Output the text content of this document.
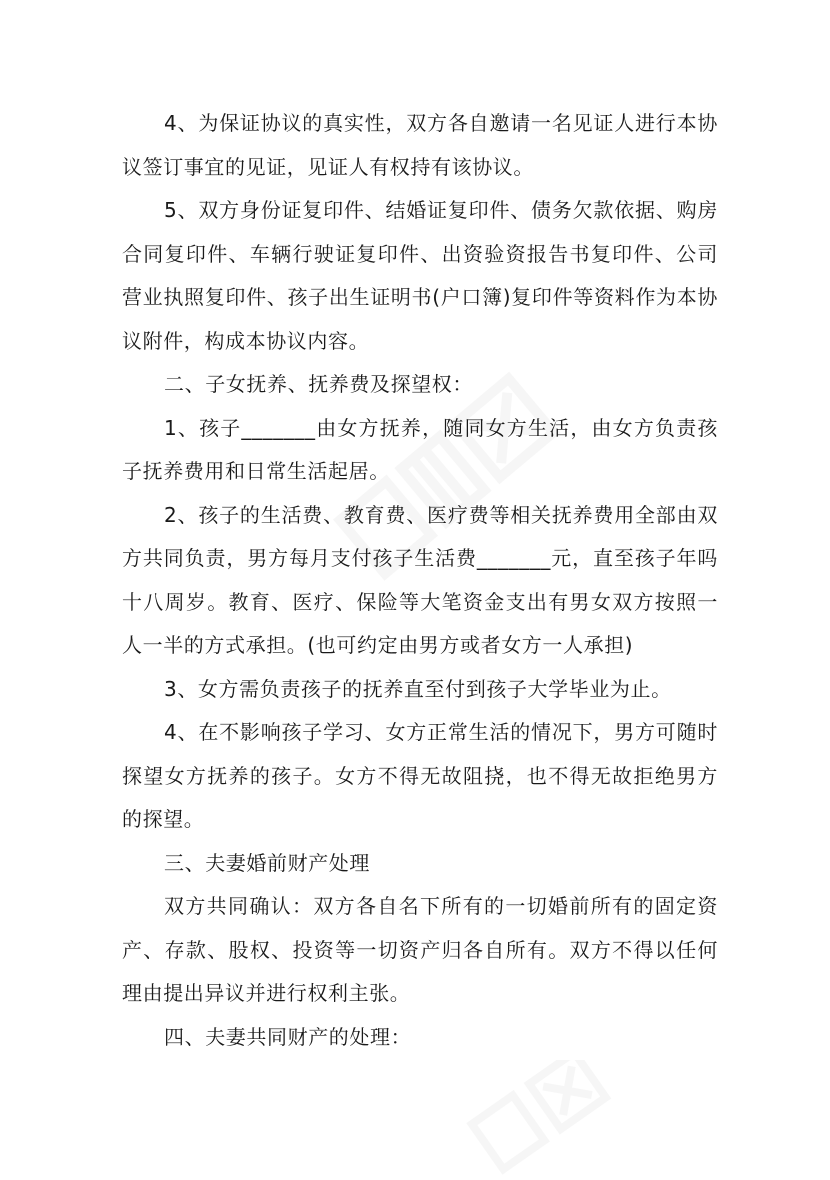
4、为保证协议的真实性，双方各自邀请一名见证人进行本协议签订事宜的见证，见证人有权持有该协议。

5、双方身份证复印件、结婚证复印件、债务欠款依据、购房合同复印件、车辆行驶证复印件、出资验资报告书复印件、公司营业执照复印件、孩子出生证明书(户口簿)复印件等资料作为本协议附件，构成本协议内容。

二、子女抚养、抚养费及探望权：

1、孩子_______由女方抚养，随同女方生活，由女方负责孩子抚养费用和日常生活起居。

2、孩子的生活费、教育费、医疗费等相关抚养费用全部由双方共同负责，男方每月支付孩子生活费_______元，直至孩子年吗十八周岁。教育、医疗、保险等大笔资金支出有男女双方按照一人一半的方式承担。(也可约定由男方或者女方一人承担)

3、女方需负责孩子的抚养直至付到孩子大学毕业为止。

4、在不影响孩子学习、女方正常生活的情况下，男方可随时探望女方抚养的孩子。女方不得无故阻挠，也不得无故拒绝男方的探望。

三、夫妻婚前财产处理

双方共同确认：双方各自名下所有的一切婚前所有的固定资产、存款、股权、投资等一切资产归各自所有。双方不得以任何理由提出异议并进行权利主张。

四、夫妻共同财产的处理：
